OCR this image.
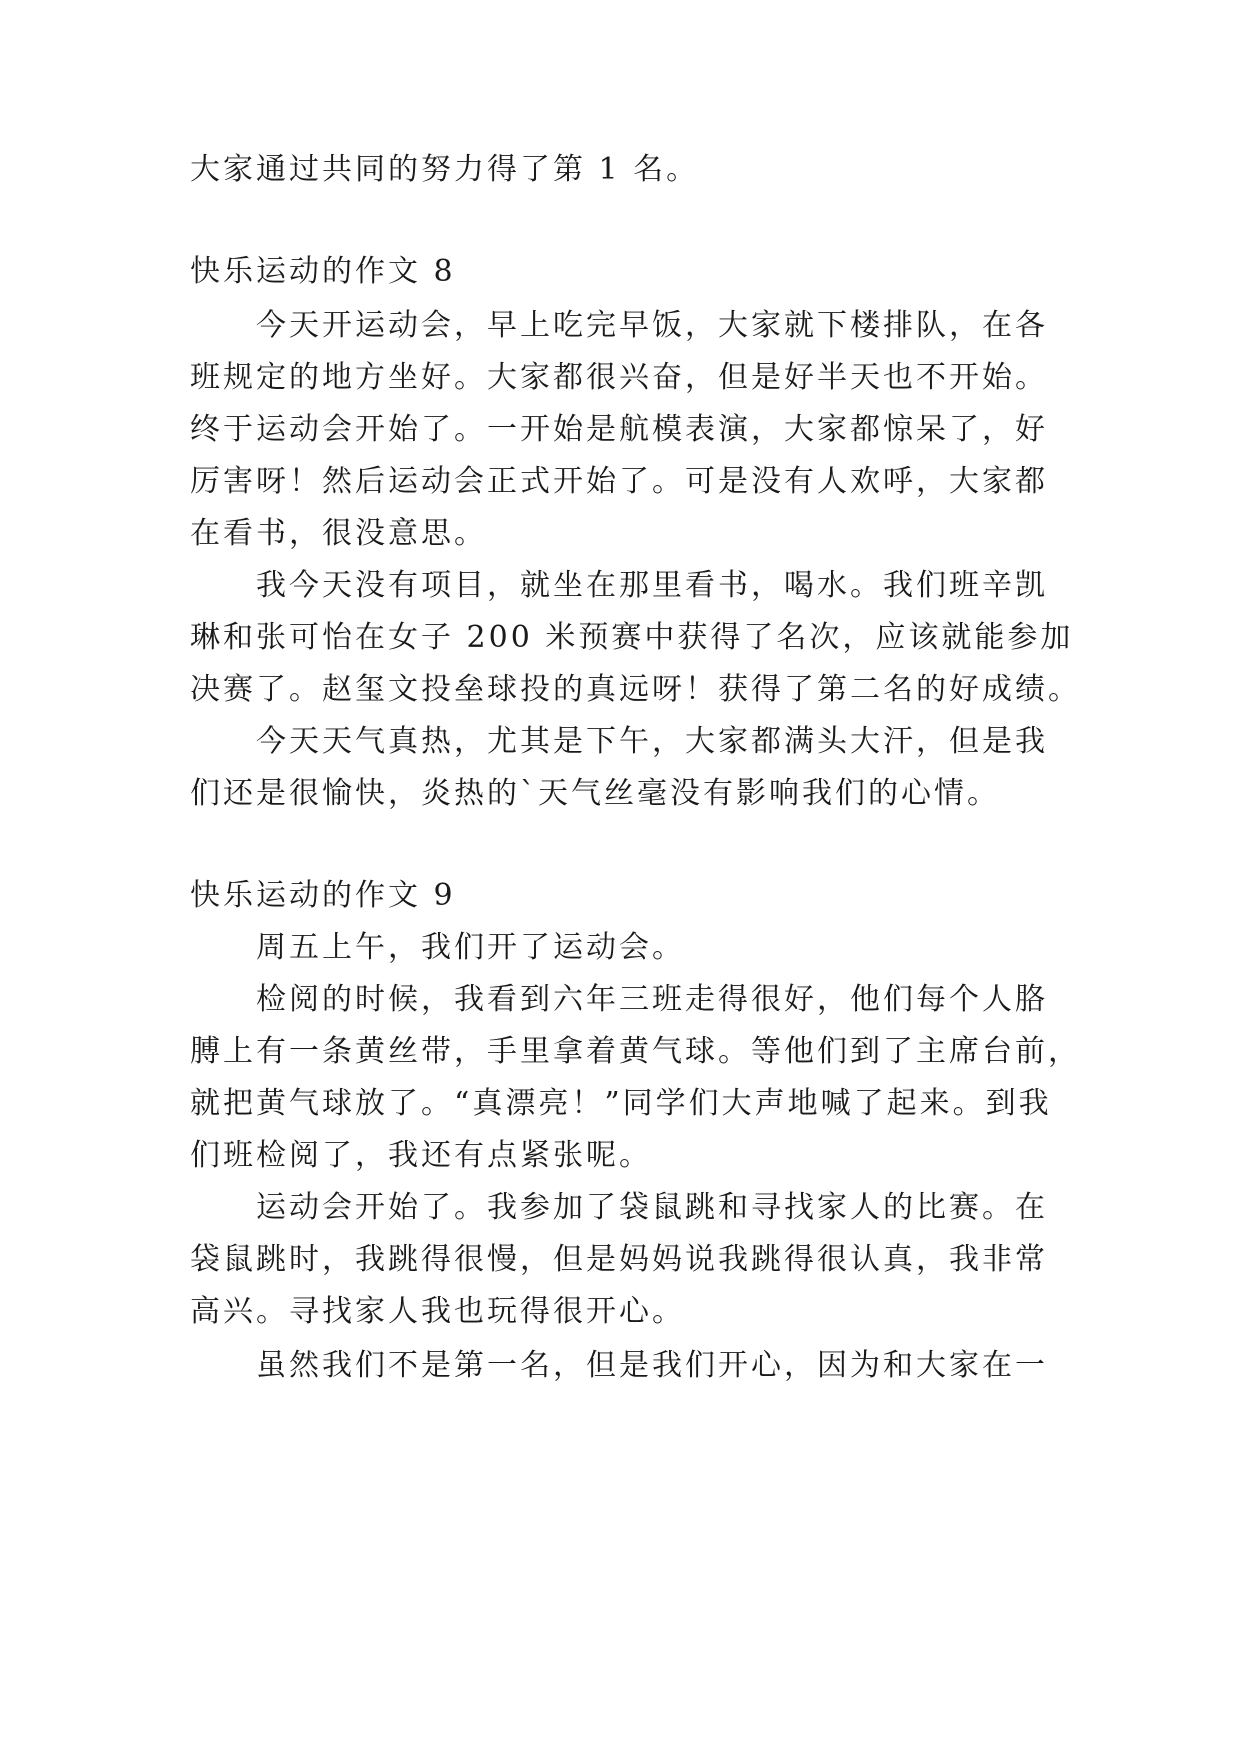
大家通过共同的努力得了第 1 名。
快乐运动的作文 8
今天开运动会，早上吃完早饭，大家就下楼排队，在各
班规定的地方坐好。大家都很兴奋，但是好半天也不开始。
终于运动会开始了。一开始是航模表演，大家都惊呆了，好
厉害呀！然后运动会正式开始了。可是没有人欢呼，大家都
在看书，很没意思。
我今天没有项目，就坐在那里看书，喝水。我们班辛凯
琳和张可怡在女子 200 米预赛中获得了名次，应该就能参加
决赛了。赵玺文投垒球投的真远呀！获得了第二名的好成绩。
今天天气真热，尤其是下午，大家都满头大汗，但是我
们还是很愉快，炎热的`天气丝毫没有影响我们的心情。
快乐运动的作文 9
周五上午，我们开了运动会。
检阅的时候，我看到六年三班走得很好，他们每个人胳
膊上有一条黄丝带，手里拿着黄气球。等他们到了主席台前，
就把黄气球放了。“真漂亮！”同学们大声地喊了起来。到我
们班检阅了，我还有点紧张呢。
运动会开始了。我参加了袋鼠跳和寻找家人的比赛。在
袋鼠跳时，我跳得很慢，但是妈妈说我跳得很认真，我非常
高兴。寻找家人我也玩得很开心。
虽然我们不是第一名，但是我们开心，因为和大家在一
